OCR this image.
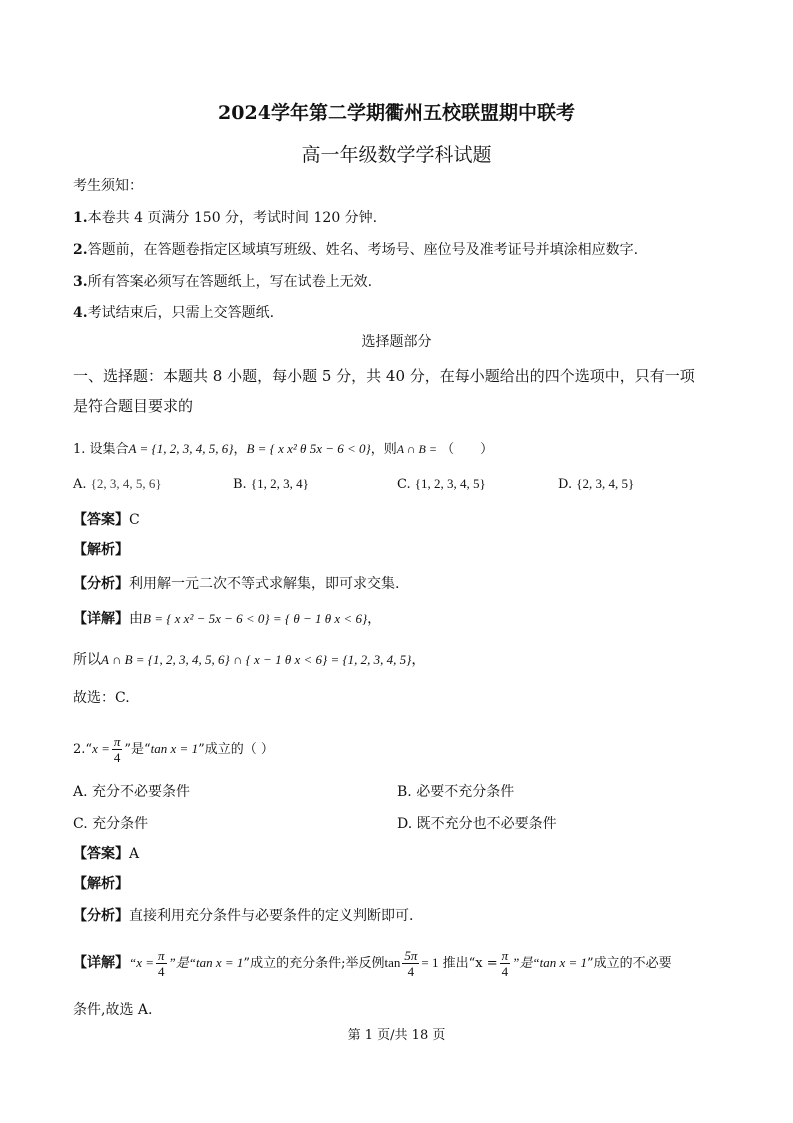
2024学年第二学期衢州五校联盟期中联考
高一年级数学学科试题
考生须知：
1.本卷共 4 页满分 150 分，考试时间 120 分钟.
2.答题前，在答题卷指定区域填写班级、姓名、考场号、座位号及准考证号并填涂相应数字.
3.所有答案必须写在答题纸上，写在试卷上无效.
4.考试结束后，只需上交答题纸.
选择题部分
一、选择题：本题共 8 小题，每小题 5 分，共 40 分，在每小题给出的四个选项中，只有一项
是符合题目要求的
1. 设集合A = {1, 2, 3, 4, 5, 6}，B = { x x² θ 5x − 6 < 0}，则A ∩ B = （　　）
A. {2, 3, 4, 5, 6}	B. {1, 2, 3, 4}	C. {1, 2, 3, 4, 5}	D. {2, 3, 4, 5}
【答案】C
【解析】
【分析】利用解一元二次不等式求解集，即可求交集.
【详解】由B = { x x² − 5x − 6 < 0} = { θ − 1 θ x < 6}，
所以A ∩ B = {1, 2, 3, 4, 5, 6} ∩ { x − 1 θ x < 6} = {1, 2, 3, 4, 5}，
故选：C.
2.“x = $\frac{\pi}{4}$ ”是“tan x = 1”成立的（ ）
A. 充分不必要条件	B. 必要不充分条件
C. 充分条件	D. 既不充分也不必要条件
【答案】A
【解析】
【分析】直接利用充分条件与必要条件的定义判断即可.
【详解】“$x = \frac{\pi}{4}$ ”是“tan x = 1”成立的充分条件;举反例$\tan \frac{5\pi}{4} = 1$ 推出“$x = \frac{\pi}{4}$ ”是“tan x = 1”成立的不必要
条件,故选 A.
第 1 页/共 18 页
